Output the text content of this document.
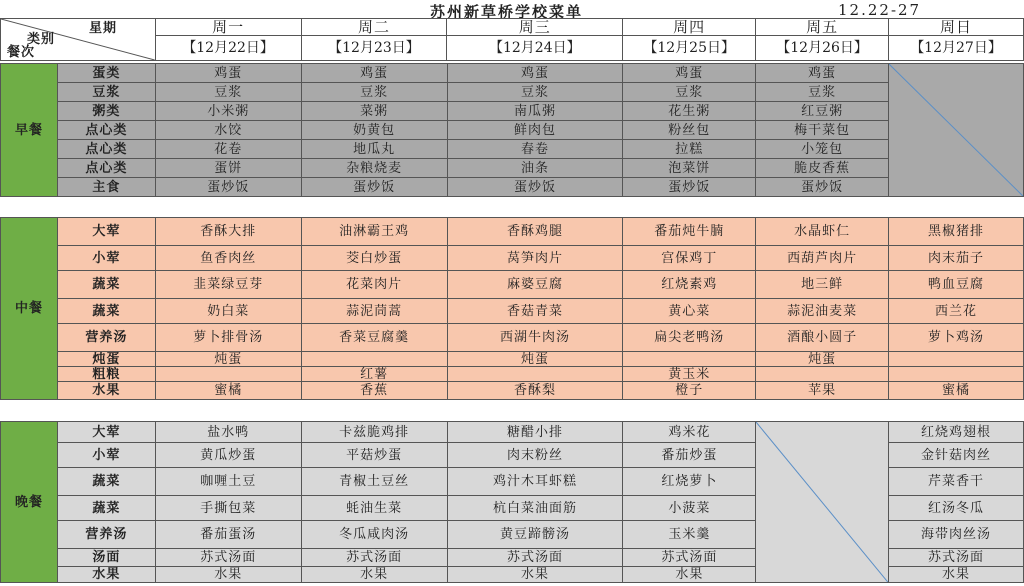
苏州新草桥学校菜单	12.22-27
星期
类别
餐次	周一	周二	周三	周四	周五	周日
	【12月22日】	【12月23日】	【12月24日】	【12月25日】	【12月26日】	【12月27日】
早餐	蛋类	鸡蛋	鸡蛋	鸡蛋	鸡蛋	鸡蛋	

	豆浆	豆浆	豆浆	豆浆	豆浆	豆浆	
	粥类	小米粥	菜粥	南瓜粥	花生粥	红豆粥	
	点心类	水饺	奶黄包	鲜肉包	粉丝包	梅干菜包	
	点心类	花卷	地瓜丸	春卷	拉糕	小笼包	
	点心类	蛋饼	杂粮烧麦	油条	泡菜饼	脆皮香蕉	
	主食	蛋炒饭	蛋炒饭	蛋炒饭	蛋炒饭	蛋炒饭	
中餐	大荤	香酥大排	油淋霸王鸡	香酥鸡腿	番茄炖牛腩	水晶虾仁	黑椒猪排
	小荤	鱼香肉丝	茭白炒蛋	莴笋肉片	宫保鸡丁	西葫芦肉片	肉末茄子
	蔬菜	韭菜绿豆芽	花菜肉片	麻婆豆腐	红烧素鸡	地三鲜	鸭血豆腐
	蔬菜	奶白菜	蒜泥茼蒿	香菇青菜	黄心菜	蒜泥油麦菜	西兰花
	营养汤	萝卜排骨汤	香菜豆腐羹	西湖牛肉汤	扁尖老鸭汤	酒酿小圆子	萝卜鸡汤
	炖蛋	炖蛋		炖蛋		炖蛋	
	粗粮		红薯		黄玉米		
	水果	蜜橘	香蕉	香酥梨	橙子	苹果	蜜橘
晚餐	大荤	盐水鸭	卡兹脆鸡排	糖醋小排	鸡米花		红烧鸡翅根
	小荤	黄瓜炒蛋	平菇炒蛋	肉末粉丝	番茄炒蛋		金针菇肉丝
	蔬菜	咖喱土豆	青椒土豆丝	鸡汁木耳虾糕	红烧萝卜		芹菜香干
	蔬菜	手撕包菜	蚝油生菜	杭白菜油面筋	小菠菜		红汤冬瓜
	营养汤	番茄蛋汤	冬瓜咸肉汤	黄豆蹄髈汤	玉米羹		海带肉丝汤
	汤面	苏式汤面	苏式汤面	苏式汤面	苏式汤面		苏式汤面
	水果	水果	水果	水果	水果		水果
